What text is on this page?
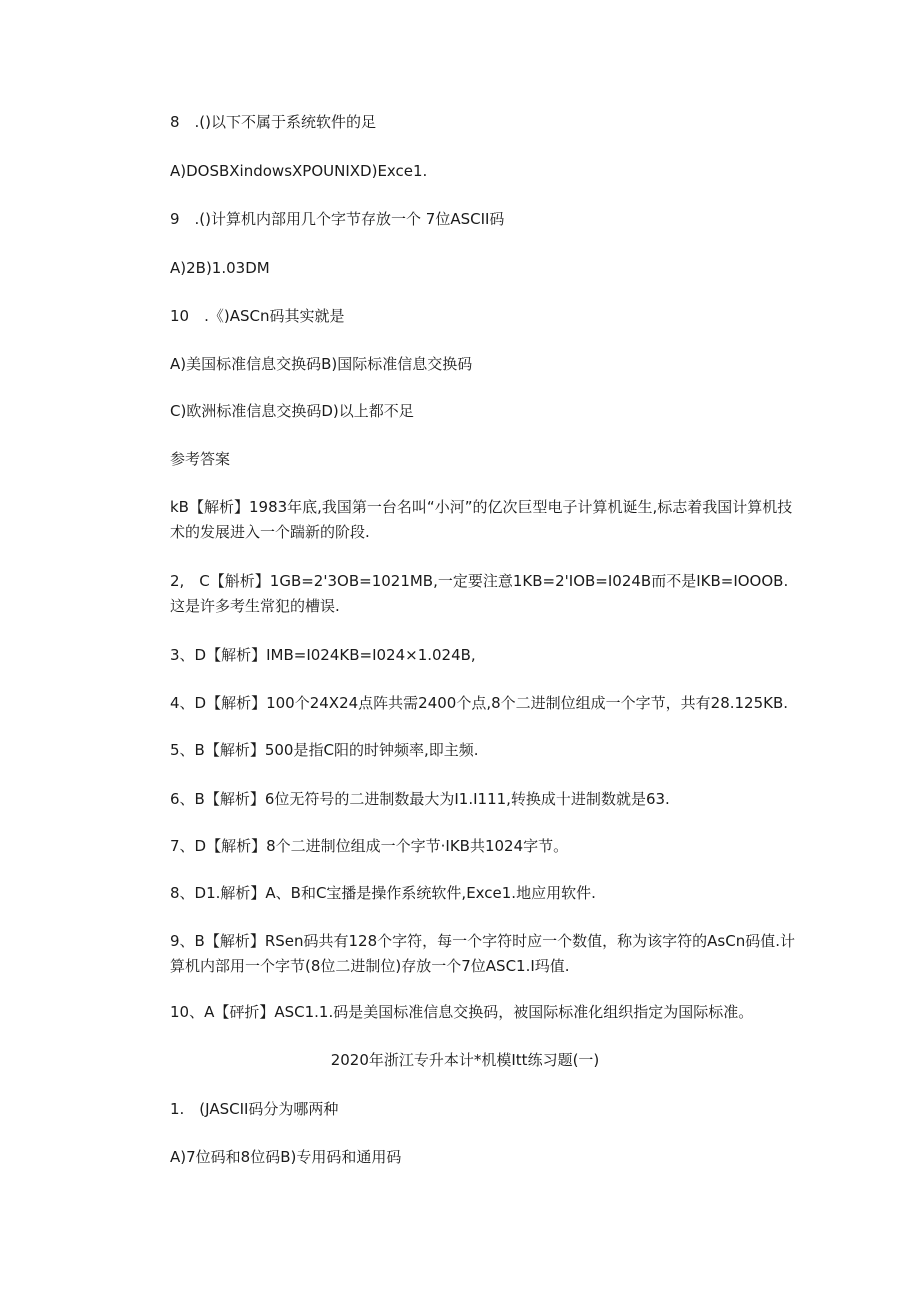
8　.()以下不属于系统软件的足
A)DOSBXindowsXPOUNIXD)Exce1.
9　.()计算机内部用几个字节存放一个 7位ASCII码
A)2B)1.03DM
10　.《)ASCn码其实就是
A)美国标准信息交换码B)国际标准信息交换码
C)欧洲标准信息交换码D)以上都不足
参考答案
kB【解析】1983年底,我国第一台名叫“小河”的亿次巨型电子计算机诞生,标志着我国计算机技术的发展进入一个踹新的阶段.
2,　C【斛析】1GB=2'3OB=1021MB,一定要注意1KB=2'IOB=I024B而不是IKB=IOOOB.这是许多考生常犯的槽误.
3、D【解析】IMB=I024KB=I024×1.024B,
4、D【解析】100个24X24点阵共需2400个点,8个二进制位组成一个字节，共有28.125KB.
5、B【解析】500是指C阳的时钟频率,即主频.
6、B【解析】6位无符号的二进制数最大为I1.I111,转换成十进制数就是63.
7、D【解析】8个二进制位组成一个字节·IKB共1024字节。
8、D1.解析】A、B和C宝播是操作系统软件,Exce1.地应用软件.
9、B【解析】RSen码共有128个字符，每一个字符时应一个数值，称为该字符的AsCn码值.计算机内部用一个字节(8位二进制位)存放一个7位ASC1.I玛值.
10、A【砰折】ASC1.1.码是美国标准信息交换码，被国际标准化组织指定为国际标准。
2020年浙江专升本计*机模Itt练习题(一)
1.　(JASCII码分为哪两种
A)7位码和8位码B)专用码和通用码
